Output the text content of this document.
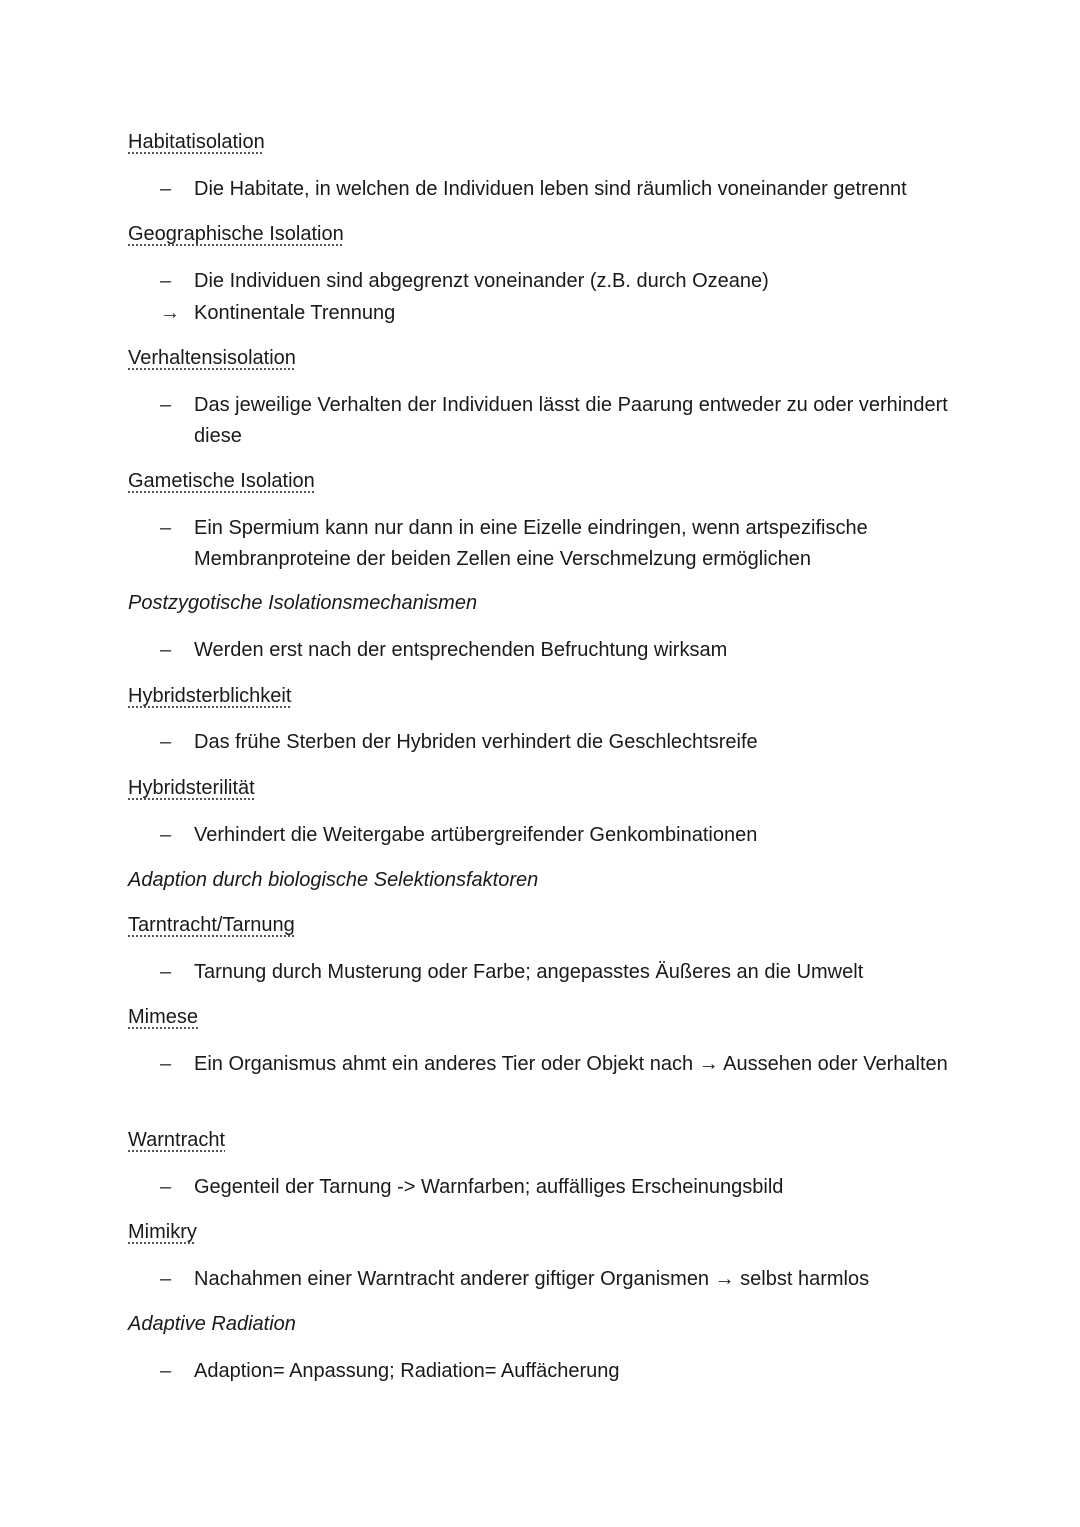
Habitatisolation
–	Die Habitate, in welchen de Individuen leben sind räumlich voneinander getrennt
Geographische Isolation
–	Die Individuen sind abgegrenzt voneinander (z.B. durch Ozeane)
→ Kontinentale Trennung
Verhaltensisolation
–	Das jeweilige Verhalten der Individuen lässt die Paarung entweder zu oder verhindert diese
Gametische Isolation
–	Ein Spermium kann nur dann in eine Eizelle eindringen, wenn artspezifische Membranproteine der beiden Zellen eine Verschmelzung ermöglichen
Postzygotische Isolationsmechanismen
–	Werden erst nach der entsprechenden Befruchtung wirksam
Hybridsterblichkeit
–	Das frühe Sterben der Hybriden verhindert die Geschlechtsreife
Hybridsterilität
–	Verhindert die Weitergabe artübergreifender Genkombinationen
Adaption durch biologische Selektionsfaktoren
Tarntracht/Tarnung
–	Tarnung durch Musterung oder Farbe; angepasstes Äußeres an die Umwelt
Mimese
–	Ein Organismus ahmt ein anderes Tier oder Objekt nach → Aussehen oder Verhalten
Warntracht
–	Gegenteil der Tarnung -> Warnfarben; auffälliges Erscheinungsbild
Mimikry
–	Nachahmen einer Warntracht anderer giftiger Organismen → selbst harmlos
Adaptive Radiation
–	Adaption= Anpassung; Radiation= Auffächerung
